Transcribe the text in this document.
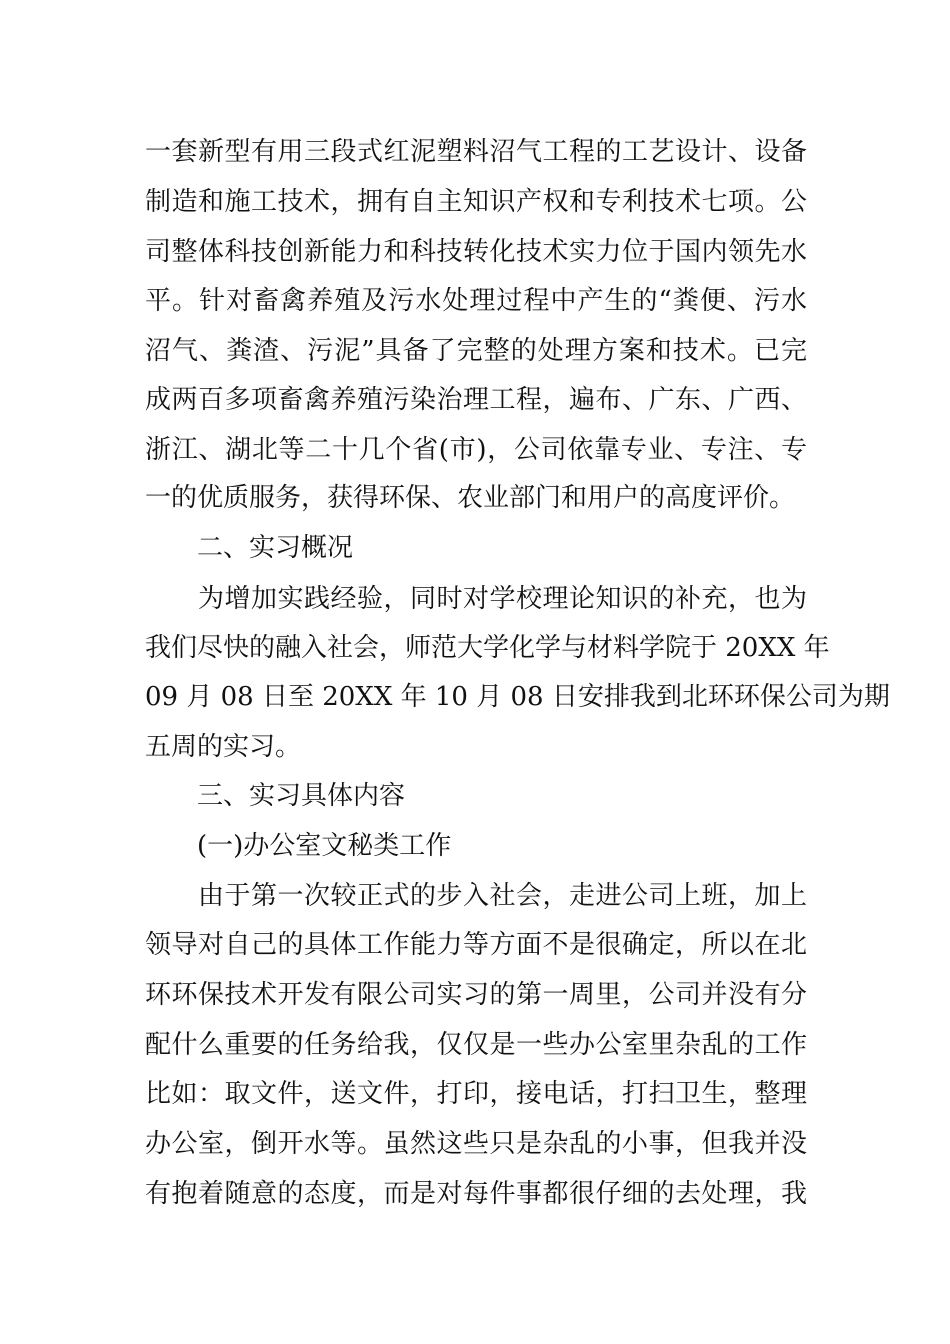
一套新型有用三段式红泥塑料沼气工程的工艺设计、设备
制造和施工技术，拥有自主知识产权和专利技术七项。公
司整体科技创新能力和科技转化技术实力位于国内领先水
平。针对畜禽养殖及污水处理过程中产生的“粪便、污水
沼气、粪渣、污泥”具备了完整的处理方案和技术。已完
成两百多项畜禽养殖污染治理工程，遍布、广东、广西、
浙江、湖北等二十几个省(市)，公司依靠专业、专注、专
一的优质服务，获得环保、农业部门和用户的高度评价。
二、实习概况
为增加实践经验，同时对学校理论知识的补充，也为
我们尽快的融入社会，师范大学化学与材料学院于 20XX 年
09 月 08 日至 20XX 年 10 月 08 日安排我到北环环保公司为期
五周的实习。
三、实习具体内容
(一)办公室文秘类工作
由于第一次较正式的步入社会，走进公司上班，加上
领导对自己的具体工作能力等方面不是很确定，所以在北
环环保技术开发有限公司实习的第一周里，公司并没有分
配什么重要的任务给我，仅仅是一些办公室里杂乱的工作
比如：取文件，送文件，打印，接电话，打扫卫生，整理
办公室，倒开水等。虽然这些只是杂乱的小事，但我并没
有抱着随意的态度，而是对每件事都很仔细的去处理，我
